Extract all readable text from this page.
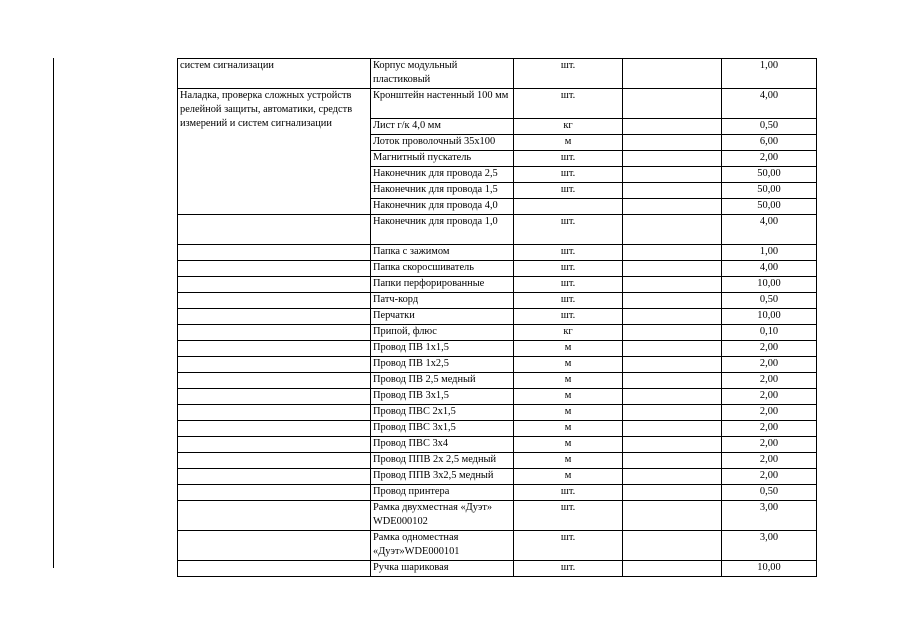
систем сигнализации	Корпус модульный пластиковый	шт.		1,00
Наладка, проверка сложных устройств релейной защиты, автоматики, средств измерений и систем сигнализации	Кронштейн настенный 100 мм	шт.		4,00
	Лист г/к 4,0 мм	кг		0,50
	Лоток проволочный 35х100	м		6,00
	Магнитный пускатель	шт.		2,00
	Наконечник для провода 2,5	шт.		50,00
	Наконечник для провода 1,5	шт.		50,00
	Наконечник для провода 4,0			50,00
	Наконечник для провода 1,0	шт.		4,00
	Папка с зажимом	шт.		1,00
	Папка скоросшиватель	шт.		4,00
	Папки перфорированные	шт.		10,00
	Патч-корд	шт.		0,50
	Перчатки	шт.		10,00
	Припой, флюс	кг		0,10
	Провод ПВ 1х1,5	м		2,00
	Провод ПВ 1х2,5	м		2,00
	Провод ПВ 2,5 медный	м		2,00
	Провод ПВ 3х1,5	м		2,00
	Провод ПВС 2х1,5	м		2,00
	Провод ПВС 3х1,5	м		2,00
	Провод ПВС 3х4	м		2,00
	Провод ППВ 2х 2,5 медный	м		2,00
	Провод ППВ 3х2,5 медный	м		2,00
	Провод принтера	шт.		0,50
	Рамка двухместная «Дуэт» WDE000102	шт.		3,00
	Рамка одноместная «Дуэт»WDE000101	шт.		3,00
	Ручка шариковая	шт.		10,00
